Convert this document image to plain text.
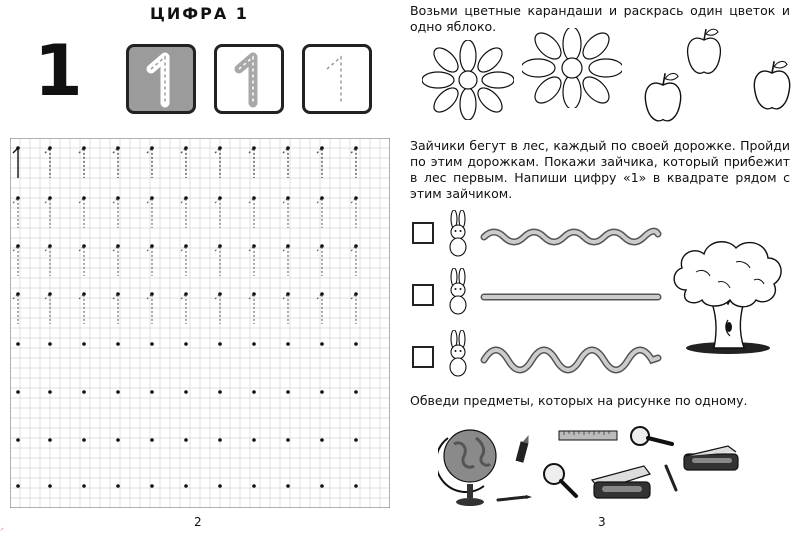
ЦИФРА 1
1
2
⸝
Возьми цветные карандаши и раскрась один цветок и одно яблоко.
Зайчики бегут в лес, каждый по своей дорожке. Пройди по этим дорожкам. Покажи зайчика, который прибежит в лес первым. Напиши цифру «1» в квадрате рядом с этим зайчиком.
Обведи предметы, которых на рисунке по одному.
3
